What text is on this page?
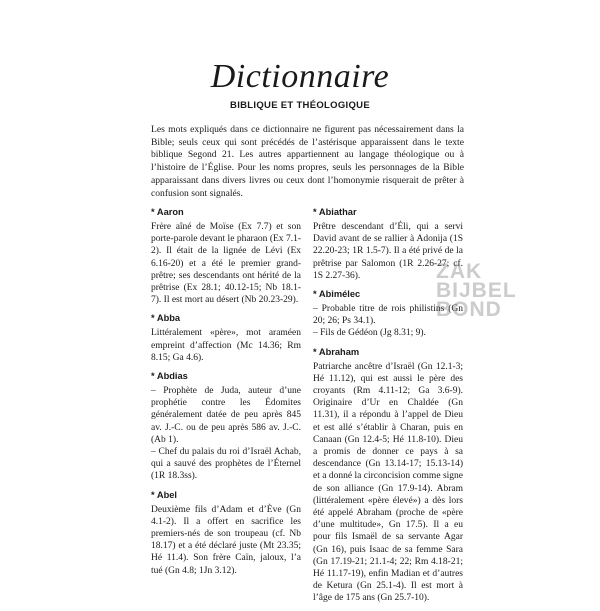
Dictionnaire

BIBLIQUE ET THÉOLOGIQUE

Les mots expliqués dans ce dictionnaire ne figurent pas nécessairement dans la Bible; seuls ceux qui sont précédés de l’astérisque apparaissent dans le texte biblique Segond 21. Les autres appartiennent au langage théologique ou à l’histoire de l’Église. Pour les noms propres, seuls les personnages de la Bible apparaissant dans divers livres ou ceux dont l’homonymie risquerait de prêter à confusion sont signalés.

* Aaron

Frère aîné de Moïse (Ex 7.7) et son porte-parole devant le pharaon (Ex 7.1-2). Il était de la lignée de Lévi (Ex 6.16-20) et a été le premier grand-prêtre; ses descendants ont hérité de la prêtrise (Ex 28.1; 40.12-15; Nb 18.1-7). Il est mort au désert (Nb 20.23-29).

* Abba

Littéralement «père», mot araméen empreint d’affection (Mc 14.36; Rm 8.15; Ga 4.6).

* Abdias

– Prophète de Juda, auteur d’une prophétie contre les Édomites généralement datée de peu après 845 av. J.-C. ou de peu après 586 av. J.-C. (Ab 1).

– Chef du palais du roi d’Israël Achab, qui a sauvé des prophètes de l’Éternel (1R 18.3ss).

* Abel

Deuxième fils d’Adam et d’Ève (Gn 4.1-2). Il a offert en sacrifice les premiers-nés de son troupeau (cf. Nb 18.17) et a été déclaré juste (Mt 23.35; Hé 11.4). Son frère Caïn, jaloux, l’a tué (Gn 4.8; 1Jn 3.12).

* Abiathar

Prêtre descendant d’Éli, qui a servi David avant de se rallier à Adonija (1S 22.20-23; 1R 1.5-7). Il a été privé de la prêtrise par Salomon (1R 2.26-27; cf. 1S 2.27-36).

* Abimélec

– Probable titre de rois philistins (Gn 20; 26; Ps 34.1).

– Fils de Gédéon (Jg 8.31; 9).

* Abraham

Patriarche ancêtre d’Israël (Gn 12.1-3; Hé 11.12), qui est aussi le père des croyants (Rm 4.11-12; Ga 3.6-9). Originaire d’Ur en Chaldée (Gn 11.31), il a répondu à l’appel de Dieu et est allé s’établir à Charan, puis en Canaan (Gn 12.4-5; Hé 11.8-10). Dieu a promis de donner ce pays à sa descendance (Gn 13.14-17; 15.13-14) et a donné la circoncision comme signe de son alliance (Gn 17.9-14). Abram (littéralement «père élevé») a dès lors été appelé Abraham (proche de «père d’une multitude», Gn 17.5). Il a eu pour fils Ismaël de sa servante Agar (Gn 16), puis Isaac de sa femme Sara (Gn 17.19-21; 21.1-4; 22; Rm 4.18-21; Hé 11.17-19), enfin Madian et d’autres de Ketura (Gn 25.1-4). Il est mort à l’âge de 175 ans (Gn 25.7-10).

ZAK
BIJBEL
BOND
